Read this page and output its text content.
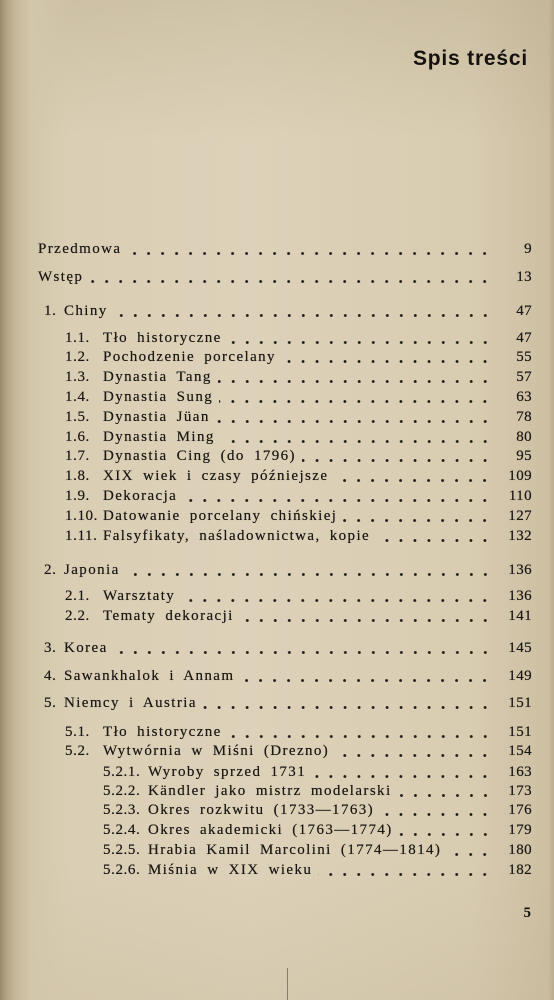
Spis treści
Przedmowa	9
Wstęp	13
1. Chiny	47
1.1. Tło historyczne	47
1.2. Pochodzenie porcelany	55
1.3. Dynastia Tang	57
1.4. Dynastia Sung	63
1.5. Dynastia Jüan	78
1.6. Dynastia Ming	80
1.7. Dynastia Cing (do 1796)	95
1.8. XIX wiek i czasy późniejsze	109
1.9. Dekoracja	110
1.10. Datowanie porcelany chińskiej	127
1.11. Falsyfikaty, naśladownictwa, kopie	132
2. Japonia	136
2.1. Warsztaty	136
2.2. Tematy dekoracji	141
3. Korea	145
4. Sawankhalok i Annam	149
5. Niemcy i Austria	151
5.1. Tło historyczne	151
5.2. Wytwórnia w Miśni (Drezno)	154
5.2.1. Wyroby sprzed 1731	163
5.2.2. Kändler jako mistrz modelarski	173
5.2.3. Okres rozkwitu (1733—1763)	176
5.2.4. Okres akademicki (1763—1774)	179
5.2.5. Hrabia Kamil Marcolini (1774—1814)	180
5.2.6. Miśnia w XIX wieku	182
5
